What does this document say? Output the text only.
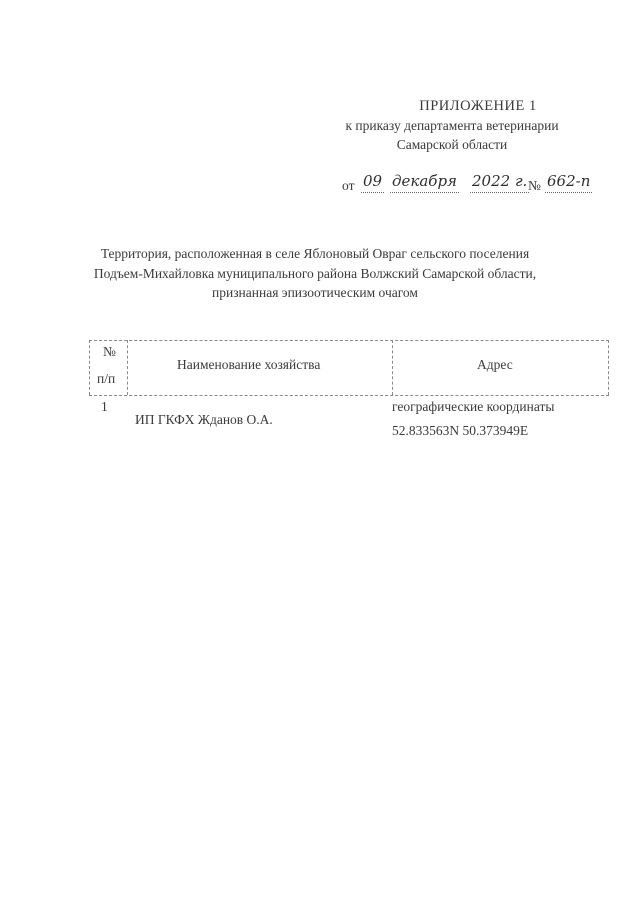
ПРИЛОЖЕНИЕ 1
к приказу департамента ветеринарии
Самарской области
от 09 декабря 2022 г. № 662-п
Территория, расположенная в селе Яблоновый Овраг сельского поселения
Подъем-Михайловка муниципального района Волжский Самарской области,
признанная эпизоотическим очагом
№
п/п
Наименование хозяйства	Адрес
1
ИП ГКФХ Жданов О.А.
географические координаты
52.833563N 50.373949E
